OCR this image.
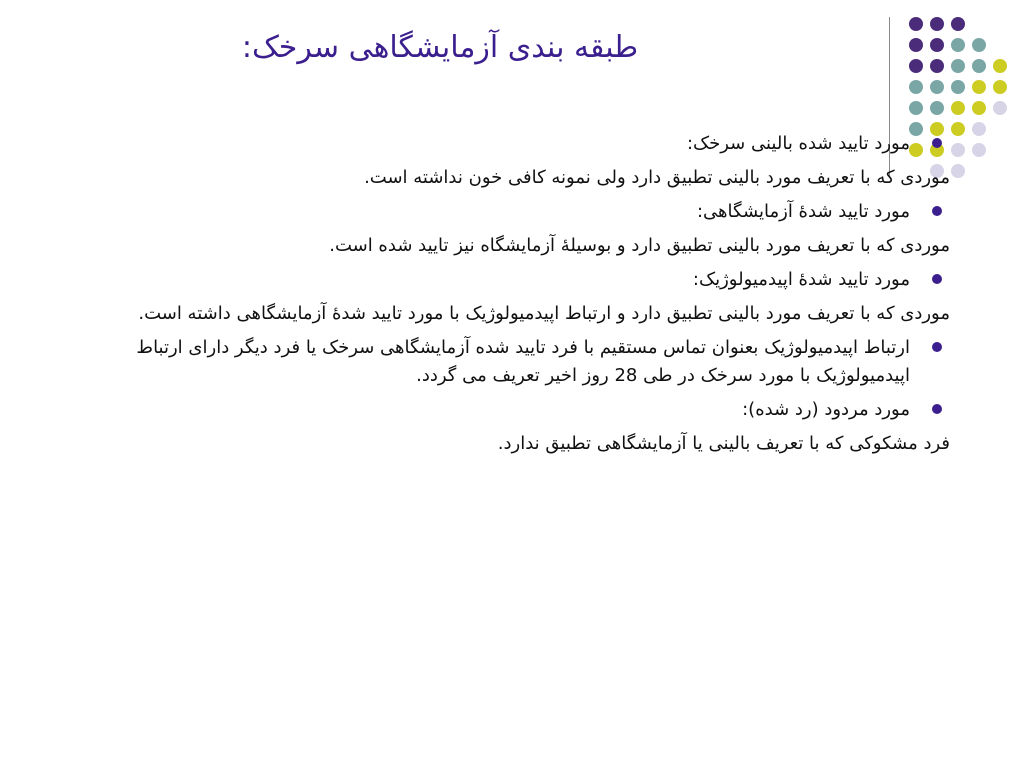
طبقه بندی آزمایشگاهی سرخک:
مورد تایید شده بالینی سرخک:
موردی که با تعریف مورد بالینی تطبیق دارد ولی نمونه کافی خون نداشته است.
مورد تایید شدۀ آزمایشگاهی:
موردی که با تعریف مورد بالینی تطبیق دارد و بوسیلۀ آزمایشگاه نیز تایید شده است.
مورد تایید شدۀ اپیدمیولوژیک:
موردی که با تعریف مورد بالینی تطبیق دارد و ارتباط اپیدمیولوژیک با مورد تایید شدۀ آزمایشگاهی داشته است.
ارتباط اپیدمیولوژیک بعنوان تماس مستقیم با فرد تایید شده آزمایشگاهی سرخک یا فرد دیگر دارای ارتباط اپیدمیولوژیک با مورد سرخک در طی 28 روز اخیر تعریف می گردد.
مورد مردود (رد شده):
فرد مشکوکی که با تعریف بالینی یا آزمایشگاهی تطبیق ندارد.
